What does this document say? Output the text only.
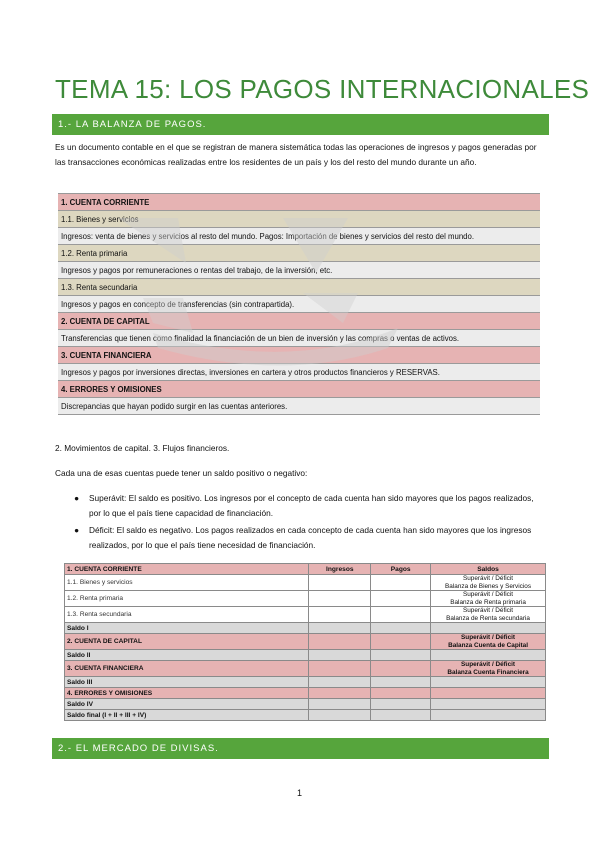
TEMA 15: LOS PAGOS INTERNACIONALES
1.- LA BALANZA DE PAGOS.
Es un documento contable en el que se registran de manera sistemática todas las operaciones de ingresos y pagos generadas por las transacciones económicas realizadas entre los residentes de un país y los del resto del mundo durante un año.
1. CUENTA CORRIENTE
1.1. Bienes y servicios
Ingresos: venta de bienes y servicios al resto del mundo. Pagos: Importación de bienes y servicios del resto del mundo.
1.2. Renta primaria
Ingresos y pagos por remuneraciones o rentas del trabajo, de la inversión, etc.
1.3. Renta secundaria
Ingresos y pagos en concepto de transferencias (sin contrapartida).
2. CUENTA DE CAPITAL
Transferencias que tienen como finalidad la financiación de un bien de inversión y las compras o ventas de activos.
3. CUENTA FINANCIERA
Ingresos y pagos por inversiones directas, inversiones en cartera y otros productos financieros y RESERVAS.
4. ERRORES Y OMISIONES
Discrepancias que hayan podido surgir en las cuentas anteriores.
2. Movimientos de capital. 3. Flujos financieros.
Cada una de esas cuentas puede tener un saldo positivo o negativo:
● Superávit: El saldo es positivo. Los ingresos por el concepto de cada cuenta han sido mayores que los pagos realizados, por lo que el país tiene capacidad de financiación.
● Déficit: El saldo es negativo. Los pagos realizados en cada concepto de cada cuenta han sido mayores que los ingresos realizados, por lo que el país tiene necesidad de financiación.
1. CUENTA CORRIENTE	Ingresos	Pagos	Saldos
1.1. Bienes y servicios			Superávit / Déficit
Balanza de Bienes y Servicios

1.2. Renta primaria			Superávit / Déficit
Balanza de Renta primaria

1.3. Renta secundaria			Superávit / Déficit
Balanza de Renta secundaria

Saldo I			
2. CUENTA DE CAPITAL			Superávit / Déficit
Balanza Cuenta de Capital

Saldo II			
3. CUENTA FINANCIERA			Superávit / Déficit
Balanza Cuenta Financiera

Saldo III			
4. ERRORES Y OMISIONES			
Saldo IV			
Saldo final (I + II + III + IV)			
2.- EL MERCADO DE DIVISAS.
1
